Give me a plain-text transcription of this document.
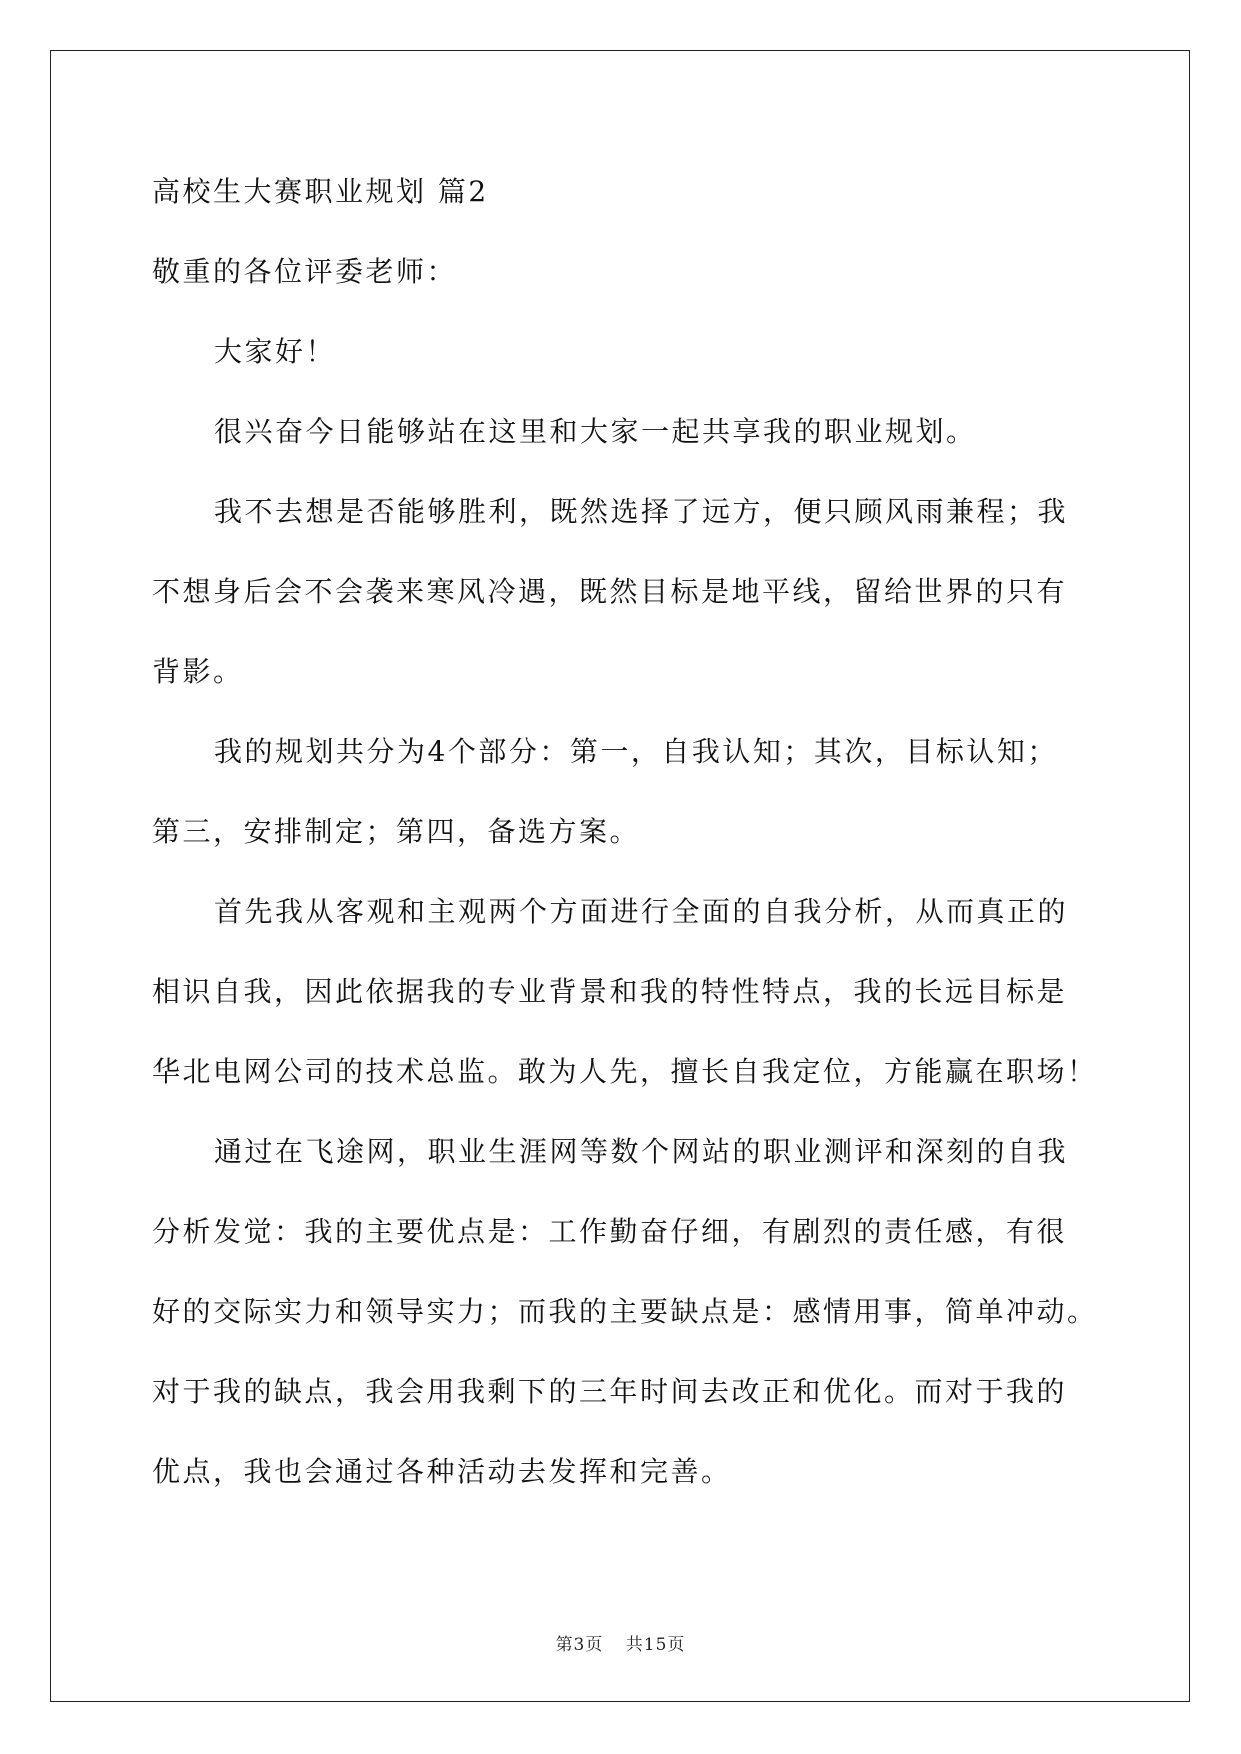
高校生大赛职业规划 篇2
敬重的各位评委老师：
大家好！
很兴奋今日能够站在这里和大家一起共享我的职业规划。
我不去想是否能够胜利，既然选择了远方，便只顾风雨兼程；我
不想身后会不会袭来寒风冷遇，既然目标是地平线，留给世界的只有
背影。
我的规划共分为4个部分：第一，自我认知；其次，目标认知；
第三，安排制定；第四，备选方案。
首先我从客观和主观两个方面进行全面的自我分析，从而真正的
相识自我，因此依据我的专业背景和我的特性特点，我的长远目标是
华北电网公司的技术总监。敢为人先，擅长自我定位，方能赢在职场！
通过在飞途网，职业生涯网等数个网站的职业测评和深刻的自我
分析发觉：我的主要优点是：工作勤奋仔细，有剧烈的责任感，有很
好的交际实力和领导实力；而我的主要缺点是：感情用事，简单冲动。
对于我的缺点，我会用我剩下的三年时间去改正和优化。而对于我的
优点，我也会通过各种活动去发挥和完善。
第3页 共15页
